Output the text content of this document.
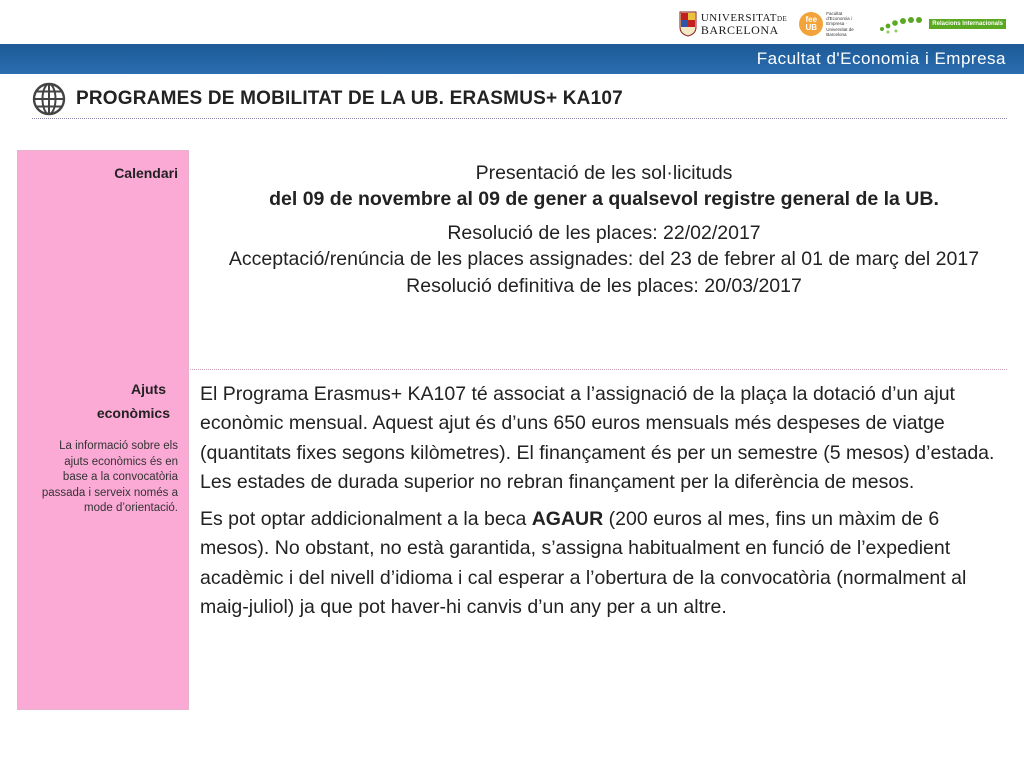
UNIVERSITATDE
BARCELONA
fee UB
Facultat d'Economia i Empresa · Universitat de Barcelona
Relacions Internacionals
Facultat d'Economia i Empresa
PROGRAMES DE MOBILITAT DE LA UB. ERASMUS+ KA107
Calendari
Ajuts
econòmics
La informació sobre els ajuts econòmics és en base a la convocatòria passada i serveix només a mode d’orientació.

Presentació de les sol·licituds

del 09 de novembre al 09 de gener a qualsevol registre general de la UB.

Resolució de les places: 22/02/2017

Acceptació/renúncia de les places assignades: del 23 de febrer al 01 de març del 2017

Resolució definitiva de les places: 20/03/2017

El Programa Erasmus+ KA107 té associat a l’assignació de la plaça la dotació d’un ajut econòmic mensual. Aquest ajut és d’uns 650 euros mensuals més despeses de viatge (quantitats fixes segons kilòmetres). El finançament és per un semestre (5 mesos) d’estada. Les estades de durada superior no rebran finançament per la diferència de mesos.

Es pot optar addicionalment a la beca AGAUR (200 euros al mes, fins un màxim de 6 mesos). No obstant, no està garantida, s’assigna habitualment en funció de l’expedient acadèmic i del nivell d’idioma i cal esperar a l’obertura de la convocatòria (normalment al maig-juliol) ja que pot haver-hi canvis d’un any per a un altre.
